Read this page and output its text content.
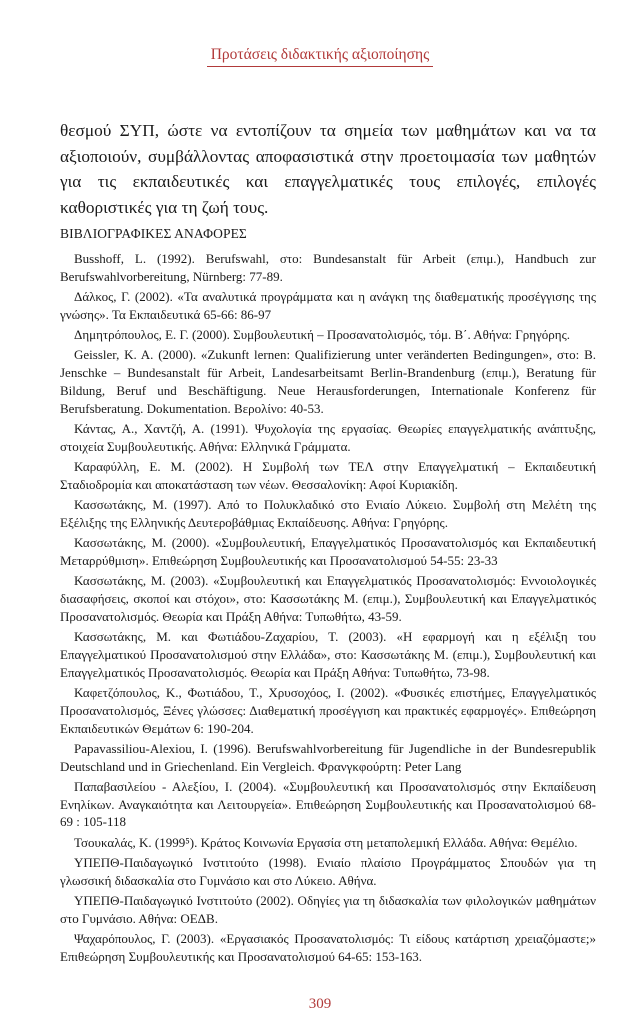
Προτάσεις διδακτικής αξιοποίησης

θεσμού ΣΥΠ, ώστε να εντοπίζουν τα σημεία των μαθημάτων και να τα αξιοποιούν, συμβάλλοντας αποφασιστικά στην προετοιμασία των μαθητών για τις εκπαιδευτικές και επαγγελματικές τους επιλογές, επιλογές καθοριστικές για τη ζωή τους.

ΒΙΒΛΙΟΓΡΑΦΙΚΕΣ ΑΝΑΦΟΡΕΣ
Busshoff, L. (1992). Berufswahl, στο: Bundesanstalt für Arbeit (επιμ.), Handbuch zur Berufswahlvorbereitung, Nürnberg: 77-89.
Δάλκος, Γ. (2002). «Τα αναλυτικά προγράμματα και η ανάγκη της διαθεματικής προσέγγισης της γνώσης». Τα Εκπαιδευτικά 65-66: 86-97
Δημητρόπουλος, Ε. Γ. (2000). Συμβουλευτική – Προσανατολισμός, τόμ. Β΄. Αθήνα: Γρηγόρης.
Geissler, K. A. (2000). «Zukunft lernen: Qualifizierung unter veränderten Bedingungen», στο: B. Jenschke – Bundesanstalt für Arbeit, Landesarbeitsamt Berlin-Brandenburg (επιμ.), Beratung für Bildung, Beruf und Beschäftigung. Neue Herausforderungen, Internationale Konferenz für Berufsberatung. Dokumentation. Βερολίνο: 40-53.
Κάντας, Α., Χαντζή, Α. (1991). Ψυχολογία της εργασίας. Θεωρίες επαγγελματικής ανάπτυξης, στοιχεία Συμβουλευτικής. Αθήνα: Ελληνικά Γράμματα.
Καραφύλλη, Ε. Μ. (2002). Η Συμβολή των ΤΕΛ στην Επαγγελματική – Εκπαιδευτική Σταδιοδρομία και αποκατάσταση των νέων. Θεσσαλονίκη: Αφοί Κυριακίδη.
Κασσωτάκης, Μ. (1997). Από το Πολυκλαδικό στο Ενιαίο Λύκειο. Συμβολή στη Μελέτη της Εξέλιξης της Ελληνικής Δευτεροβάθμιας Εκπαίδευσης. Αθήνα: Γρηγόρης.
Κασσωτάκης, Μ. (2000). «Συμβουλευτική, Επαγγελματικός Προσανατολισμός και Εκπαιδευτική Μεταρρύθμιση». Επιθεώρηση Συμβουλευτικής και Προσανατολισμού 54-55: 23-33
Κασσωτάκης, Μ. (2003). «Συμβουλευτική και Επαγγελματικός Προσανατολισμός: Εννοιολογικές διασαφήσεις, σκοποί και στόχοι», στο: Κασσωτάκης Μ. (επιμ.), Συμβουλευτική και Επαγγελματικός Προσανατολισμός. Θεωρία και Πράξη Αθήνα: Τυπωθήτω, 43-59.
Κασσωτάκης, Μ. και Φωτιάδου-Ζαχαρίου, Τ. (2003). «Η εφαρμογή και η εξέλιξη του Επαγγελματικού Προσανατολισμού στην Ελλάδα», στο: Κασσωτάκης Μ. (επιμ.), Συμβουλευτική και Επαγγελματικός Προσανατολισμός. Θεωρία και Πράξη Αθήνα: Τυπωθήτω, 73-98.
Καφετζόπουλος, Κ., Φωτιάδου, Τ., Χρυσοχόος, Ι. (2002). «Φυσικές επιστήμες, Επαγγελματικός Προσανατολισμός, Ξένες γλώσσες: Διαθεματική προσέγγιση και πρακτικές εφαρμογές». Επιθεώρηση Εκπαιδευτικών Θεμάτων 6: 190-204.
Papavassiliou-Alexiou, I. (1996). Berufswahlvorbereitung für Jugendliche in der Bundesrepublik Deutschland und in Griechenland. Ein Vergleich. Φρανγκφούρτη: Peter Lang
Παπαβασιλείου - Αλεξίου, Ι. (2004). «Συμβουλευτική και Προσανατολισμός στην Εκπαίδευση Ενηλίκων. Αναγκαιότητα και Λειτουργεία». Επιθεώρηση Συμβουλευτικής και Προσανατολισμού 68-69 : 105-118
Τσουκαλάς, Κ. (1999⁵). Κράτος Κοινωνία Εργασία στη μεταπολεμική Ελλάδα. Αθήνα: Θεμέλιο.
ΥΠΕΠΘ-Παιδαγωγικό Ινστιτούτο (1998). Ενιαίο πλαίσιο Προγράμματος Σπουδών για τη γλωσσική διδασκαλία στο Γυμνάσιο και στο Λύκειο. Αθήνα.
ΥΠΕΠΘ-Παιδαγωγικό Ινστιτούτο (2002). Οδηγίες για τη διδασκαλία των φιλολογικών μαθημάτων στο Γυμνάσιο. Αθήνα: ΟΕΔΒ.
Ψαχαρόπουλος, Γ. (2003). «Εργασιακός Προσανατολισμός: Τι είδους κατάρτιση χρειαζόμαστε;» Επιθεώρηση Συμβουλευτικής και Προσανατολισμού 64-65: 153-163.
309
